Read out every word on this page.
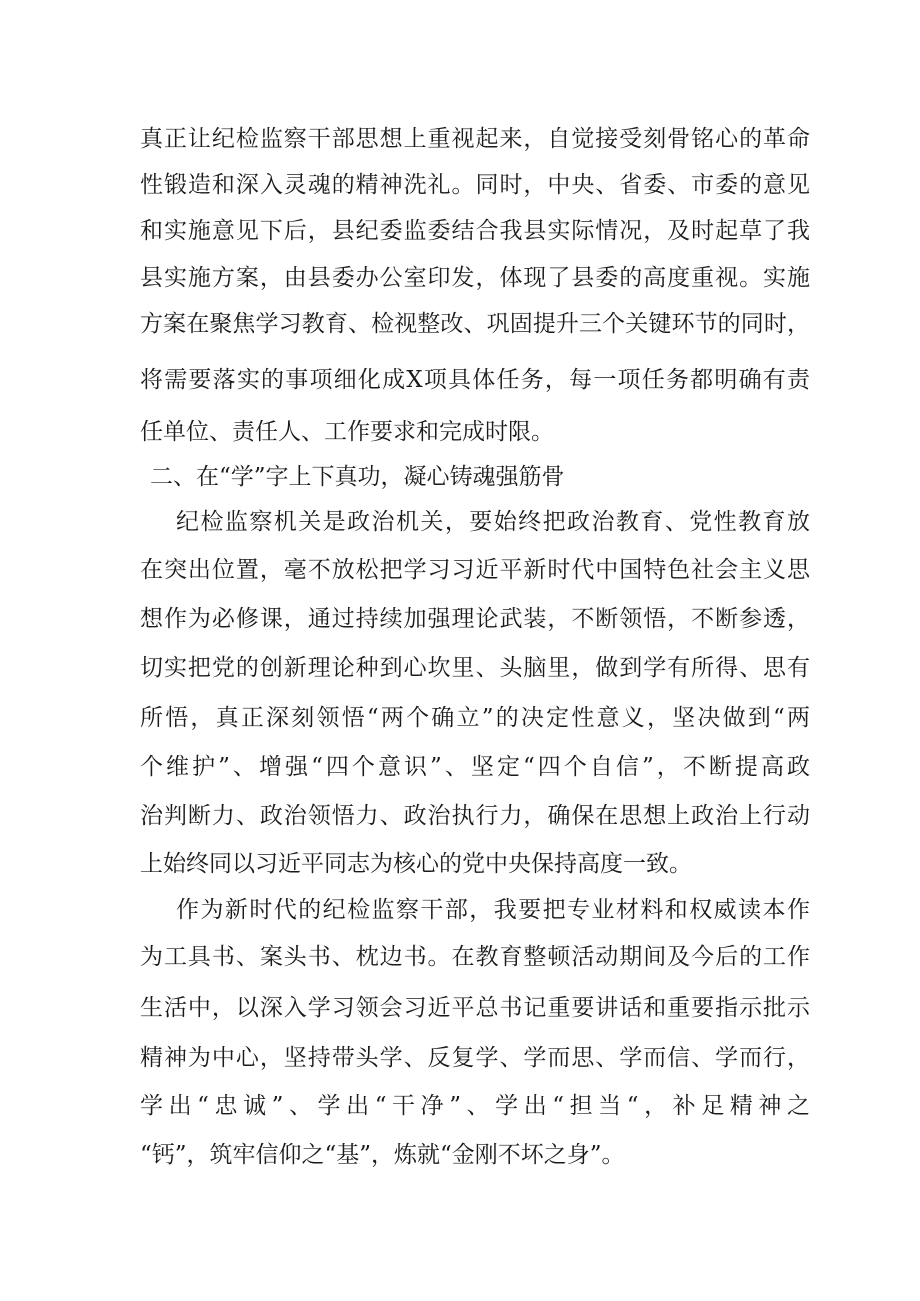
真正让纪检监察干部思想上重视起来，自觉接受刻骨铭心的革命
性锻造和深入灵魂的精神洗礼。同时，中央、省委、市委的意见
和实施意见下后，县纪委监委结合我县实际情况，及时起草了我
县实施方案，由县委办公室印发，体现了县委的高度重视。实施
方案在聚焦学习教育、检视整改、巩固提升三个关键环节的同时，
将需要落实的事项细化成X项具体任务，每一项任务都明确有责
任单位、责任人、工作要求和完成时限。
二、在“学”字上下真功，凝心铸魂强筋骨
纪检监察机关是政治机关，要始终把政治教育、党性教育放
在突出位置，毫不放松把学习习近平新时代中国特色社会主义思
想作为必修课，通过持续加强理论武装，不断领悟，不断参透，
切实把党的创新理论种到心坎里、头脑里，做到学有所得、思有
所悟，真正深刻领悟“两个确立”的决定性意义，坚决做到“两
个维护”、增强“四个意识”、坚定“四个自信”，不断提高政
治判断力、政治领悟力、政治执行力，确保在思想上政治上行动
上始终同以习近平同志为核心的党中央保持高度一致。
作为新时代的纪检监察干部，我要把专业材料和权威读本作
为工具书、案头书、枕边书。在教育整顿活动期间及今后的工作
生活中，以深入学习领会习近平总书记重要讲话和重要指示批示
精神为中心，坚持带头学、反复学、学而思、学而信、学而行，
学出“忠诚”、学出“干净”、学出“担当“，补足精神之
“钙”，筑牢信仰之“基”，炼就“金刚不坏之身”。
